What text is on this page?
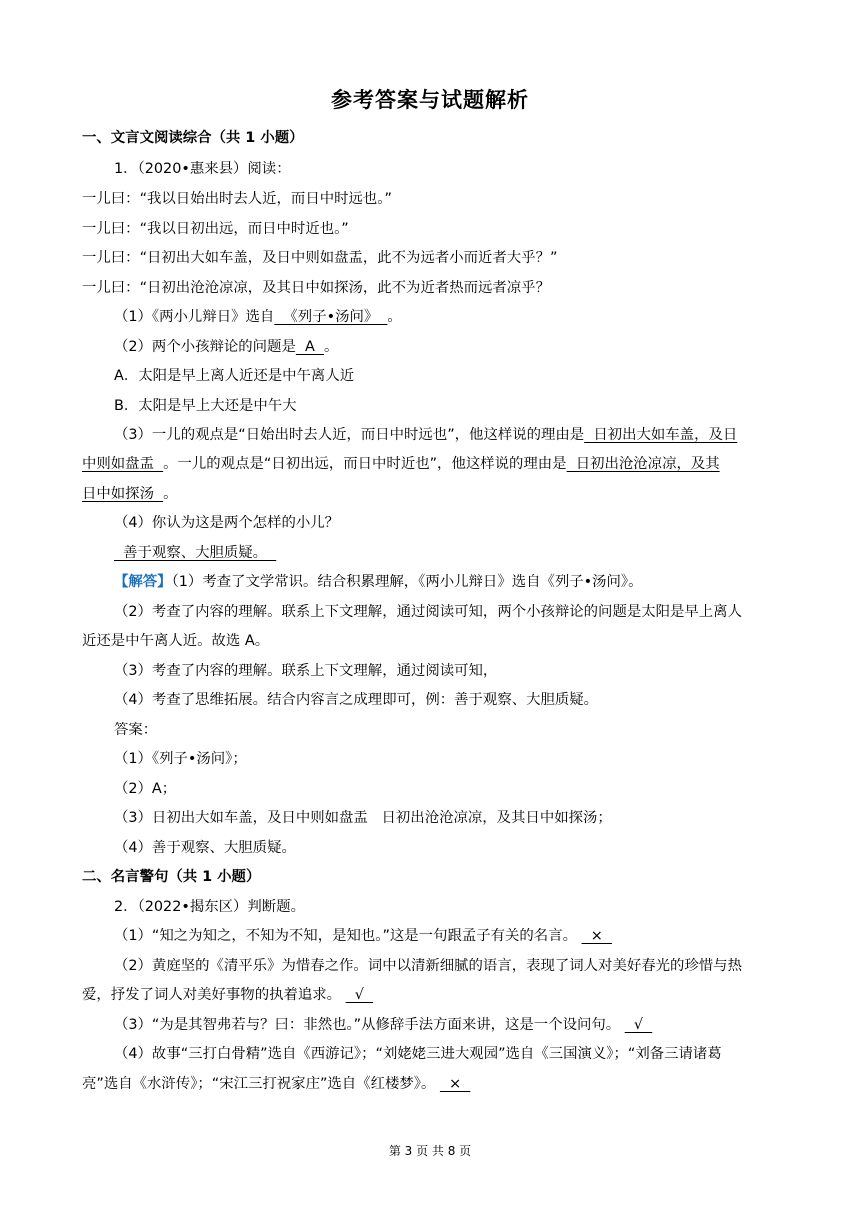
参考答案与试题解析
一、文言文阅读综合（共 1 小题）
1．（2020•惠来县）阅读：
一儿曰：“我以日始出时去人近，而日中时远也。”
一儿曰：“我以日初出远，而日中时近也。”
一儿曰：“日初出大如车盖，及日中则如盘盂，此不为远者小而近者大乎？”
一儿曰：“日初出沧沧凉凉，及其日中如探汤，此不为近者热而远者凉乎？
（1）《两小儿辩日》选自  《列子•汤问》  。
（2）两个小孩辩论的问题是  A  。
A．太阳是早上离人近还是中午离人近
B．太阳是早上大还是中午大
（3）一儿的观点是“日始出时去人近，而日中时远也”，他这样说的理由是  日初出大如车盖，及日
中则如盘盂  。一儿的观点是“日初出远，而日中时近也”，他这样说的理由是  日初出沧沧凉凉，及其
日中如探汤  。
（4）你认为这是两个怎样的小儿？
善于观察、大胆质疑。
【解答】（1）考查了文学常识。结合积累理解，《两小儿辩日》选自《列子•汤问》。
（2）考查了内容的理解。联系上下文理解，通过阅读可知，两个小孩辩论的问题是太阳是早上离人
近还是中午离人近。故选 A。
（3）考查了内容的理解。联系上下文理解，通过阅读可知，
（4）考查了思维拓展。结合内容言之成理即可，例：善于观察、大胆质疑。
答案：
（1）《列子•汤问》；
（2）A；
（3）日初出大如车盖，及日中则如盘盂   日初出沧沧凉凉，及其日中如探汤；
（4）善于观察、大胆质疑。
二、名言警句（共 1 小题）
2．（2022•揭东区）判断题。
（1）“知之为知之，不知为不知，是知也。”这是一句跟孟子有关的名言。   ×
（2）黄庭坚的《清平乐》为惜春之作。词中以清新细腻的语言，表现了词人对美好春光的珍惜与热
爱，抒发了词人对美好事物的执着追求。   √
（3）“为是其智弗若与？曰：非然也。”从修辞手法方面来讲，这是一个设问句。   √
（4）故事“三打白骨精”选自《西游记》；“刘姥姥三进大观园”选自《三国演义》；“刘备三请诸葛
亮”选自《水浒传》；“宋江三打祝家庄”选自《红楼梦》。   ×
第 3 页 共 8 页
